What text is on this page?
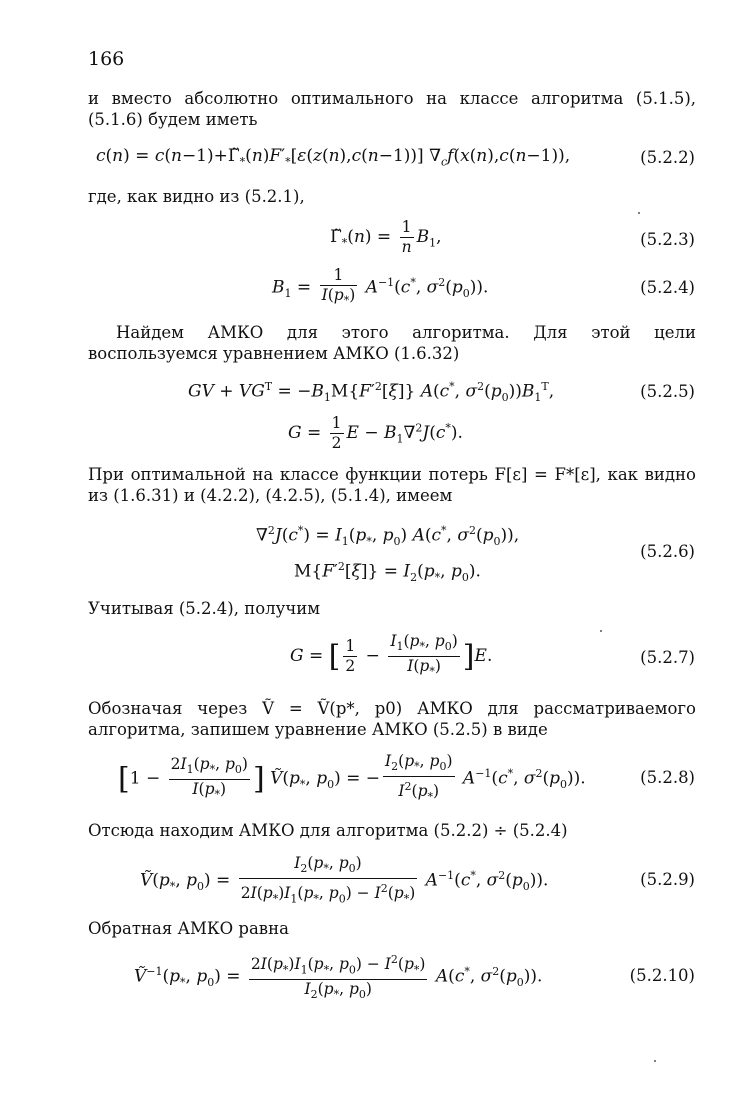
166
и вместо абсолютно оптимального на классе алгоритма (5.1.5), (5.1.6) будем иметь
$c(n) = c(n-1)+\Gammã_*(n)F'_*[\varepsilon(z(n),c(n-1))]$ $\nabla_cf(x(n),c(n-1))$,	(5.2.2)
где, как видно из (5.2.1),
$\Gammã_*(n) = \frac{1}{n} B_1$,	(5.2.3)
$B_1 = \frac{1}{I(p_*)} A^{-1}(c^*$, $\sigma^2(p_0)$).	(5.2.4)
Найдем АМКО для этого алгоритма. Для этой цели воспользуемся уравнением АМКО (1.6.32)
GV + $VG^T = -B_1M\{F'^2[\xi]\}$ A(c*, $\sigma^2(p_0))B_1^T$,	(5.2.5)
$G = \frac{1}{2}$ $E - B_1\nabla^2J(c^*)$.
При оптимальной на классе функции потерь F[ε] = F*[ε], как видно из (1.6.31) и (4.2.2), (4.2.5), (5.1.4), имеем
$\nabla^2J(c^*) = I_1(p_*$, $p_0$) A(c*, $\sigma^2(p_0)$),
$M\{F'^2[\xi]\} = I_2(p_*$, $p_0$).
(5.2.6)
Учитывая (5.2.4), получим
G = [ $\frac{1}{2} - \frac{I_1(p_*, p_0)}{I(p_*)} ]E$.	(5.2.7)
Обозначая через Ṽ = Ṽ(p*, p0) АМКО для рассматриваемого алгоритма, запишем уравнение АМКО (5.2.5) в виде
[$1 - \frac{2I_1(p_*, p_0)}{I(p_*)}$ ] $Ṽ(p_*$, $p_0$) = − $\frac{I_2(p_*, p_0)}{I^2(p_*)} A^{-1}(c^*$, $\sigma^2(p_0)$).	(5.2.8)
Отсюда находим АМКО для алгоритма (5.2.2) ÷ (5.2.4)
$Ṽ(p_*$, $p_0) = \frac{I_2(p_*, p_0)}{2I(p_*)I_1(p_*, p_0) - I^2(p_*)} A^{-1}(c^*$, $\sigma^2(p_0)$).	(5.2.9)
Обратная АМКО равна
$Ṽ^{-1}(p_*$, $p_0) = \frac{2I(p_*)I_1(p_*, p_0) - I^2(p_*)}{I_2(p_*, p_0)} A(c^*$, $\sigma^2(p_0)$).	(5.2.10)
